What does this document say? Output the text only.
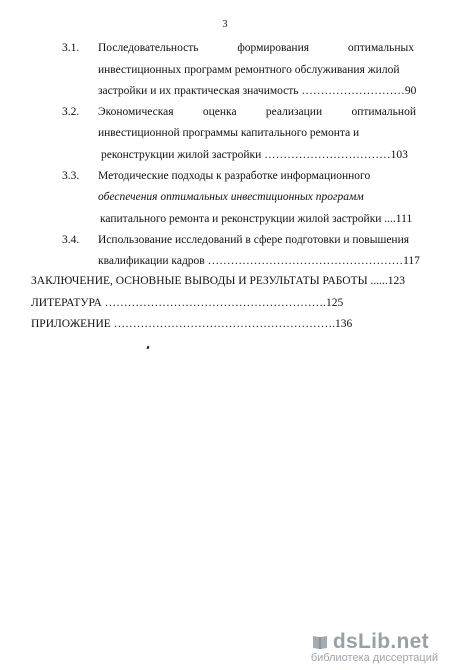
3
3.1. Последовательность	формирования	оптимальных
инвестиционных программ ремонтного обслуживания жилой
застройки и их практическая значимость ………………………90
3.2. Экономическая	оценка	реализации	оптимальной
инвестиционной программы капитального ремонта и
реконструкции жилой застройки ……………………………103
3.3. Методические подходы к разработке информационного
обеспечения оптимальных инвестиционных программ
капитального ремонта и реконструкции жилой застройки ....111
3.4. Использование исследований в сфере подготовки и повышения
квалификации кадров ……………………………………………117
ЗАКЛЮЧЕНИЕ, ОСНОВНЫЕ ВЫВОДЫ И РЕЗУЛЬТАТЫ РАБОТЫ ......123
ЛИТЕРАТУРА ………………………………………………….125
ПРИЛОЖЕНИЕ ………………………………………………….136
dsLib.net
библиотека диссертаций
